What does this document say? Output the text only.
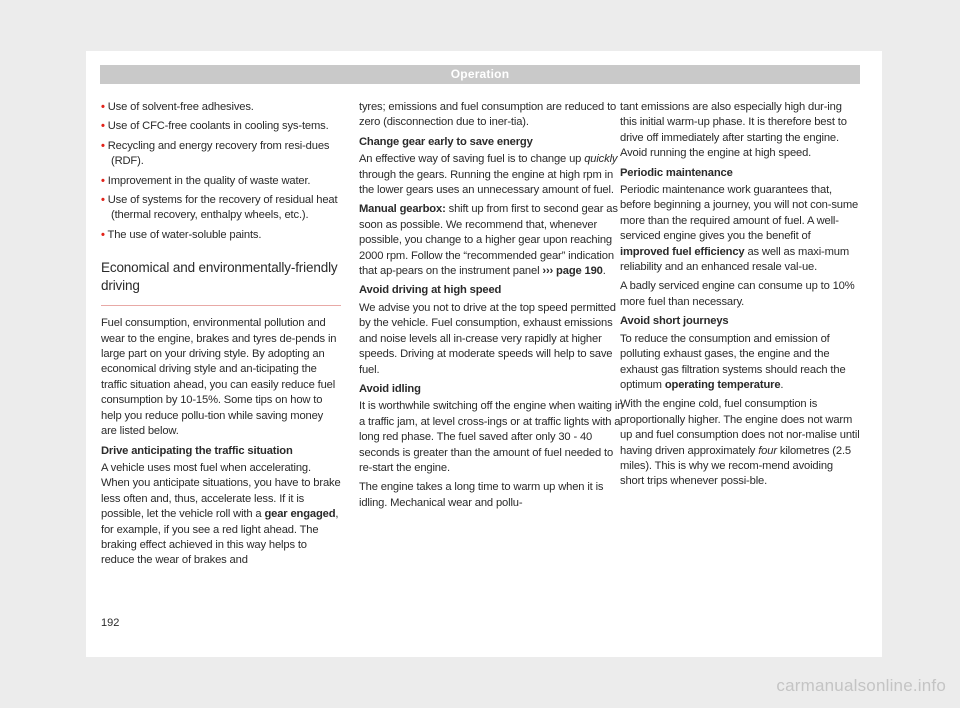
Operation

• Use of solvent-free adhesives.

• Use of CFC-free coolants in cooling sys-tems.

• Recycling and energy recovery from resi-dues (RDF).

• Improvement in the quality of waste water.

• Use of systems for the recovery of residual heat (thermal recovery, enthalpy wheels, etc.).

• The use of water-soluble paints.

Economical and environmentally-friendly driving

Fuel consumption, environmental pollution and wear to the engine, brakes and tyres de-pends in large part on your driving style. By adopting an economical driving style and an-ticipating the traffic situation ahead, you can easily reduce fuel consumption by 10-15%. Some tips on how to help you reduce pollu-tion while saving money are listed below.

Drive anticipating the traffic situation

A vehicle uses most fuel when accelerating. When you anticipate situations, you have to brake less often and, thus, accelerate less. If it is possible, let the vehicle roll with a gear engaged, for example, if you see a red light ahead. The braking effect achieved in this way helps to reduce the wear of brakes and

tyres; emissions and fuel consumption are reduced to zero (disconnection due to iner-tia).

Change gear early to save energy

An effective way of saving fuel is to change up quickly through the gears. Running the engine at high rpm in the lower gears uses an unnecessary amount of fuel.

Manual gearbox: shift up from first to second gear as soon as possible. We recommend that, whenever possible, you change to a higher gear upon reaching 2000 rpm. Follow the “recommended gear” indication that ap-pears on the instrument panel ››› page 190.

Avoid driving at high speed

We advise you not to drive at the top speed permitted by the vehicle. Fuel consumption, exhaust emissions and noise levels all in-crease very rapidly at higher speeds. Driving at moderate speeds will help to save fuel.

Avoid idling

It is worthwhile switching off the engine when waiting in a traffic jam, at level cross-ings or at traffic lights with a long red phase. The fuel saved after only 30 - 40 seconds is greater than the amount of fuel needed to re-start the engine.

The engine takes a long time to warm up when it is idling. Mechanical wear and pollu-

tant emissions are also especially high dur-ing this initial warm-up phase. It is therefore best to drive off immediately after starting the engine. Avoid running the engine at high speed.

Periodic maintenance

Periodic maintenance work guarantees that, before beginning a journey, you will not con-sume more than the required amount of fuel. A well-serviced engine gives you the benefit of improved fuel efficiency as well as maxi-mum reliability and an enhanced resale val-ue.

A badly serviced engine can consume up to 10% more fuel than necessary.

Avoid short journeys

To reduce the consumption and emission of polluting exhaust gases, the engine and the exhaust gas filtration systems should reach the optimum operating temperature.

With the engine cold, fuel consumption is proportionally higher. The engine does not warm up and fuel consumption does not nor-malise until having driven approximately four kilometres (2.5 miles). This is why we recom-mend avoiding short trips whenever possi-ble.

192
carmanualsonline.info
